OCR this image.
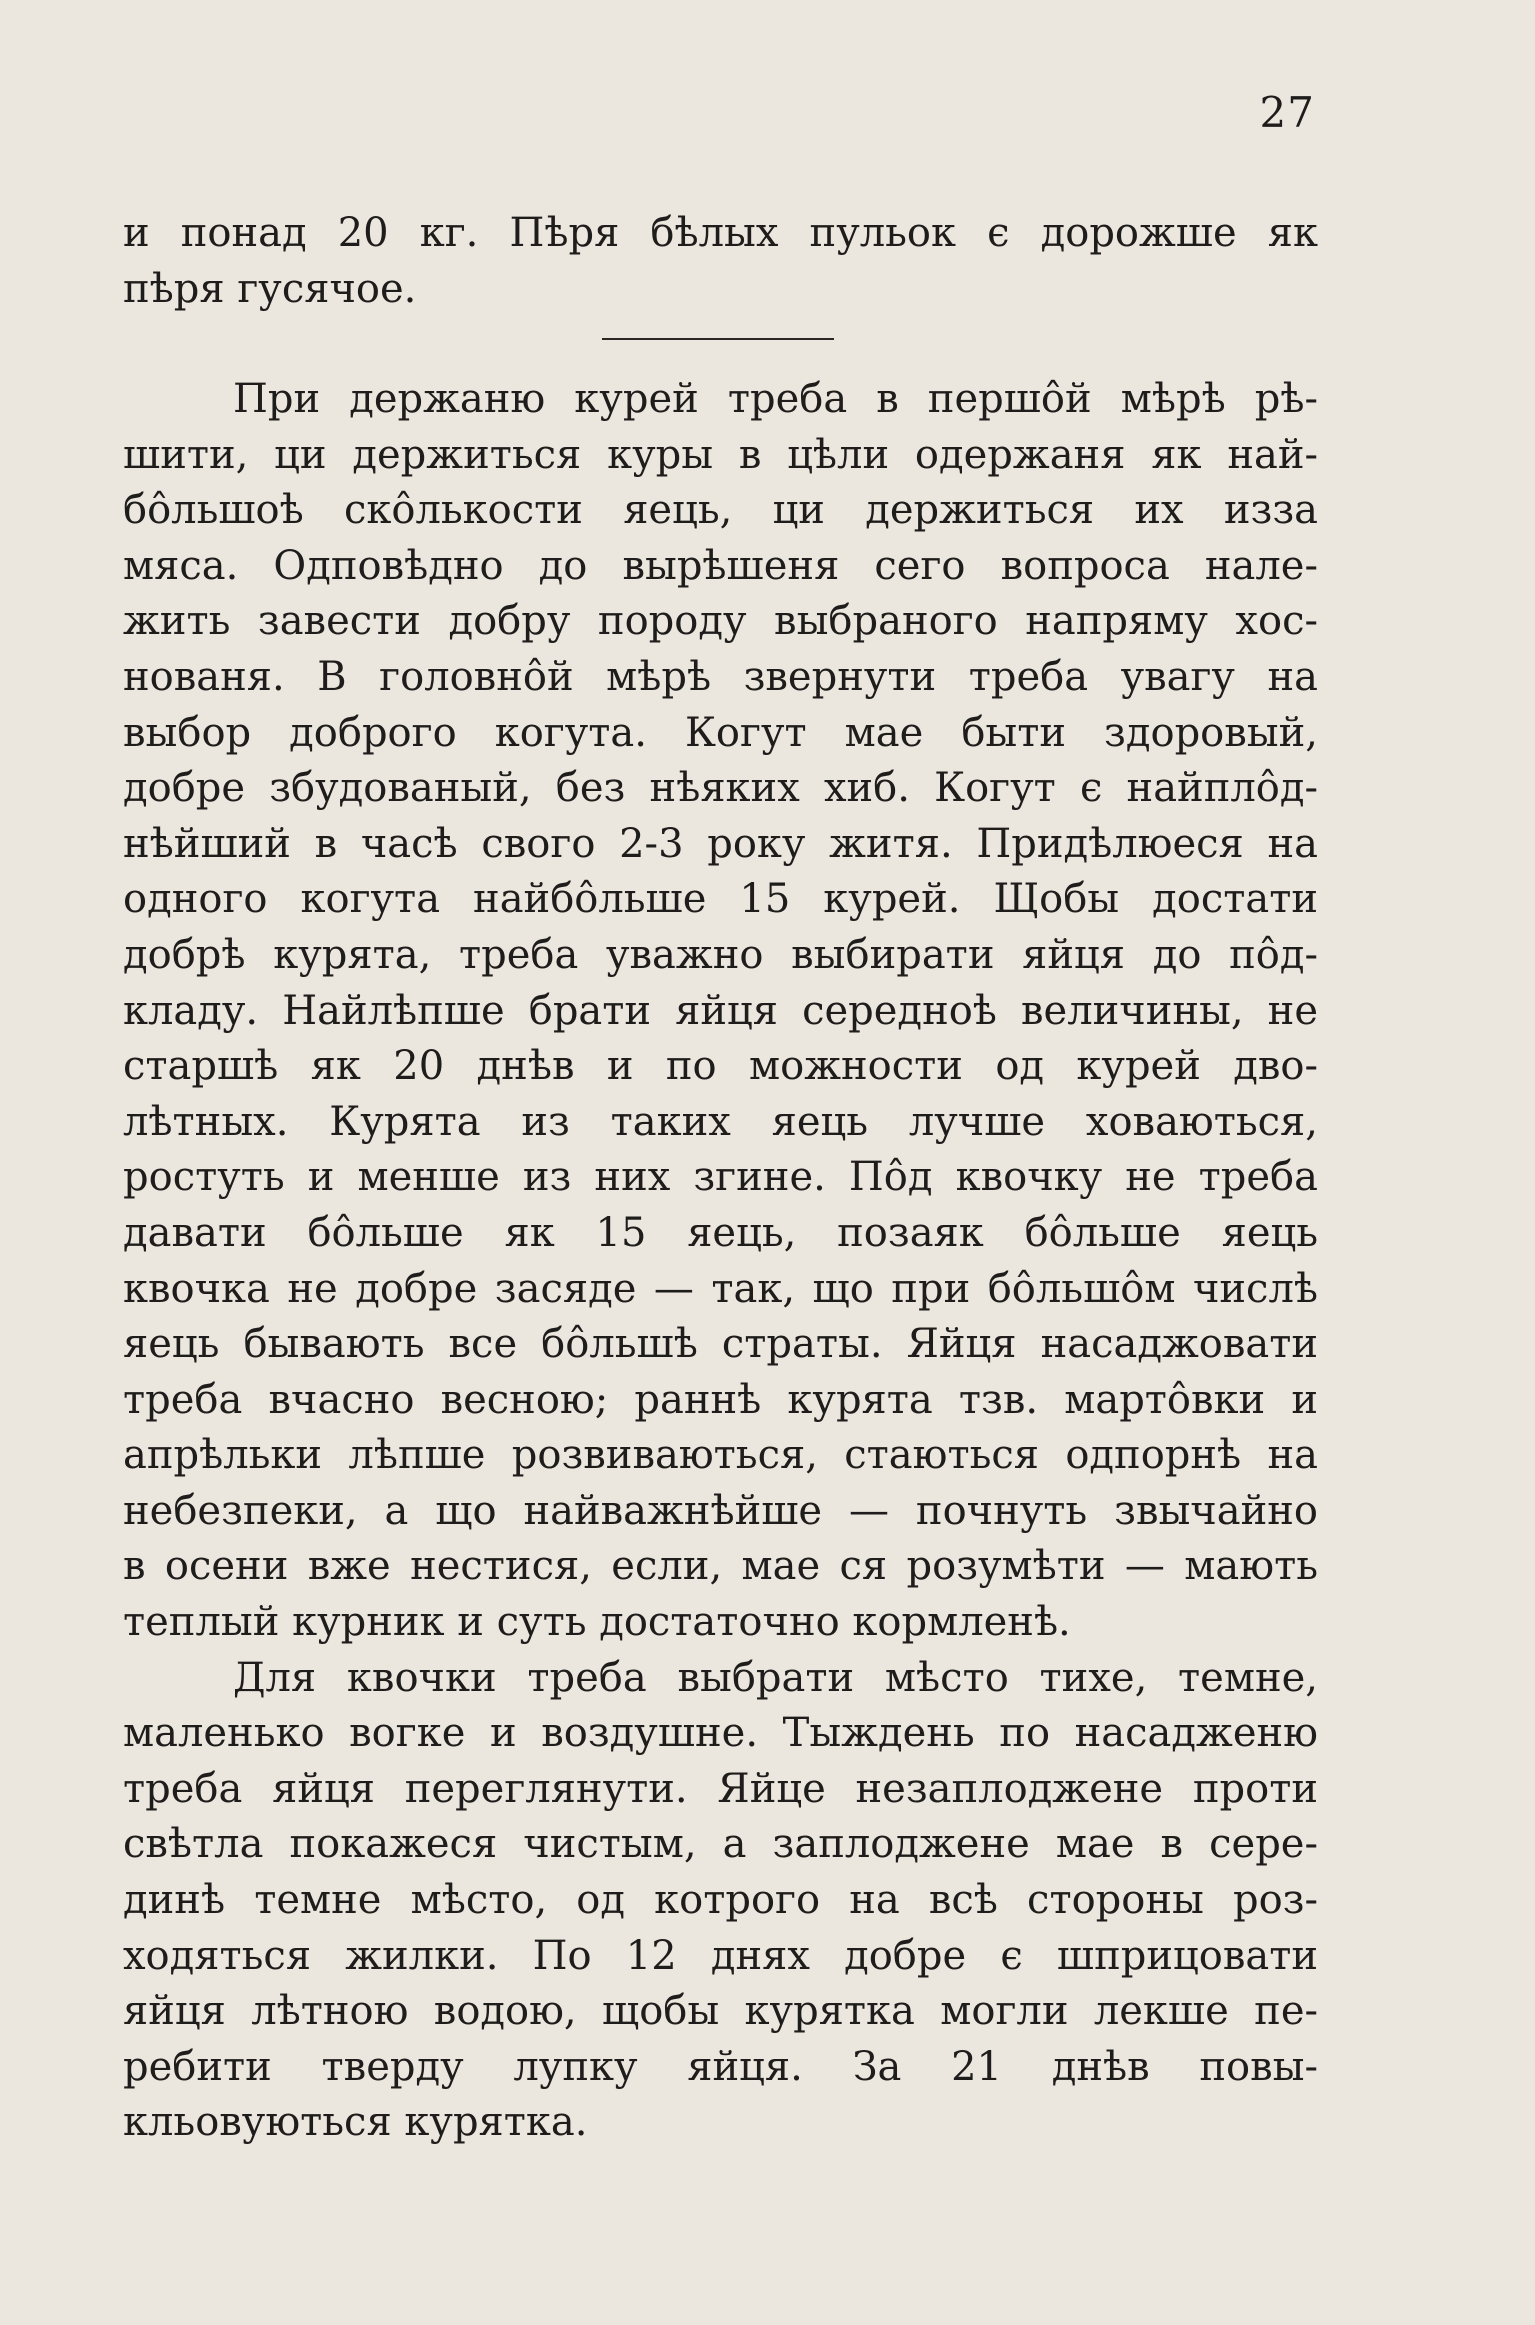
27
и понад 20 кг. Пѣря бѣлых пульок є дорожше як
пѣря гусячое.
При держаню курей треба в першôй мѣрѣ рѣ-
шити, ци держиться куры в цѣли одержаня як най-
бôльшоѣ скôлькости яець, ци держиться их изза
мяса. Одповѣдно до вырѣшеня сего вопроса нале-
жить завести добру породу выбраного напряму хос-
нованя. В головнôй мѣрѣ звернути треба увагу на
выбор доброго когута. Когут мае быти здоровый,
добре збудованый, без нѣяких хиб. Когут є найплôд-
нѣйший в часѣ свого 2-3 року житя. Придѣлюеся на
одного когута найбôльше 15 курей. Щобы достати
добрѣ курята, треба уважно выбирати яйця до пôд-
кладу. Найлѣпше брати яйця середноѣ величины, не
старшѣ як 20 днѣв и по можности од курей дво-
лѣтных. Курята из таких яець лучше ховаються,
ростуть и менше из них згине. Пôд квочку не треба
давати бôльше як 15 яець, позаяк бôльше яець
квочка не добре засяде — так, що при бôльшôм числѣ
яець бывають все бôльшѣ страты. Яйця насаджовати
треба вчасно весною; раннѣ курята тзв. мартôвки и
апрѣльки лѣпше розвиваються, стаються одпорнѣ на
небезпеки, а що найважнѣйше — почнуть звычайно
в осени вже нестися, если, мае ся розумѣти — мають
теплый курник и суть достаточно кормленѣ.
Для квочки треба выбрати мѣсто тихе, темне,
маленько вогке и воздушне. Тыждень по насадженю
треба яйця переглянути. Яйце незаплоджене проти
свѣтла покажеся чистым, а заплоджене мае в сере-
динѣ темне мѣсто, од котрого на всѣ стороны роз-
ходяться жилки. По 12 днях добре є шприцовати
яйця лѣтною водою, щобы курятка могли лекше пе-
ребити тверду лупку яйця. За 21 днѣв повы-
кльовуються курятка.
